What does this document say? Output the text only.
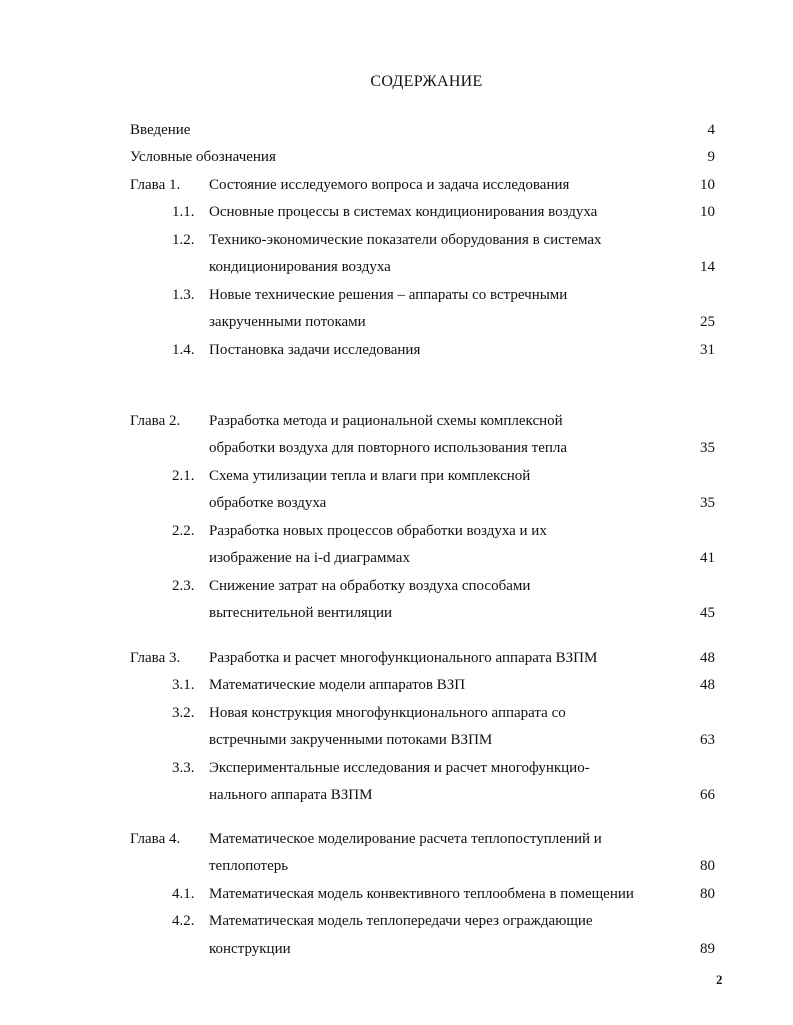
СОДЕРЖАНИЕ
Введение	4
Условные обозначения	9
Глава 1. Состояние исследуемого вопроса и задача исследования	10
1.1. Основные процессы в системах кондиционирования воздуха	10
1.2. Технико-экономические показатели оборудования в системах
кондиционирования воздуха	14
1.3. Новые технические решения – аппараты со встречными
закрученными потоками	25
1.4. Постановка задачи исследования	31
Глава 2. Разработка метода и рациональной схемы комплексной
обработки воздуха для повторного использования тепла	35
2.1. Схема утилизации тепла и влаги при комплексной
обработке воздуха	35
2.2. Разработка новых процессов обработки воздуха и их
изображение на i-d диаграммах	41
2.3. Снижение затрат на обработку воздуха способами
вытеснительной вентиляции	45
Глава 3. Разработка и расчет многофункционального аппарата ВЗПМ	48
3.1. Математические модели аппаратов ВЗП	48
3.2. Новая конструкция многофункционального аппарата со
встречными закрученными потоками ВЗПМ	63
3.3. Экспериментальные исследования и расчет многофункцио-
нального аппарата ВЗПМ	66
Глава 4. Математическое моделирование расчета теплопоступлений и
теплопотерь	80
4.1. Математическая модель конвективного теплообмена в помещении	80
4.2. Математическая модель теплопередачи через ограждающие
конструкции	89
2
